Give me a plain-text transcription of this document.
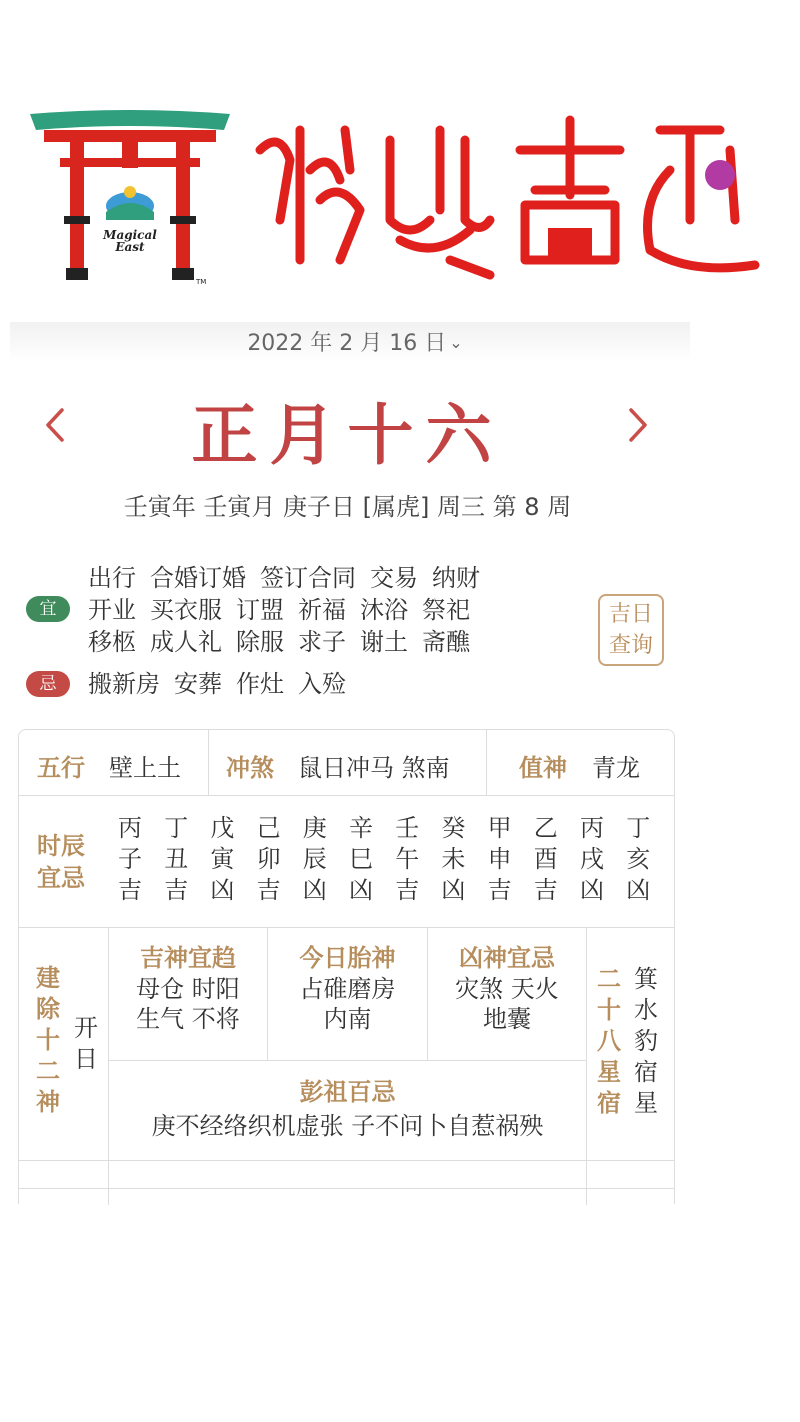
Magical
East
TM
2022 年 2 月 16 日 ⌄
正月十六
壬寅年 壬寅月 庚子日 [属虎] 周三 第 8 周
宜
出行 合婚订婚 签订合同 交易 纳财
开业 买衣服 订盟 祈福 沐浴 祭祀
移柩 成人礼 除服 求子 谢土 斋醮
忌	搬新房 安葬 作灶 入殓
吉日
查询
五行 壁上土 冲煞 鼠日冲马 煞南	值神 青龙
时辰
宜忌
丙
子
吉
丁
丑
吉
戊
寅
凶
己
卯
吉
庚
辰
凶
辛
巳
凶
壬
午
吉
癸
未
凶
甲
申
吉
乙
酉
吉
丙
戌
凶
丁
亥
凶
建
除
十
二
神
开
日
吉神宜趋
母仓 时阳
生气 不将
今日胎神
占碓磨房
内南
凶神宜忌
灾煞 天火
地囊
彭祖百忌
庚不经络织机虚张 子不问卜自惹祸殃
二
十
八
星
宿
箕
水
豹
宿
星
